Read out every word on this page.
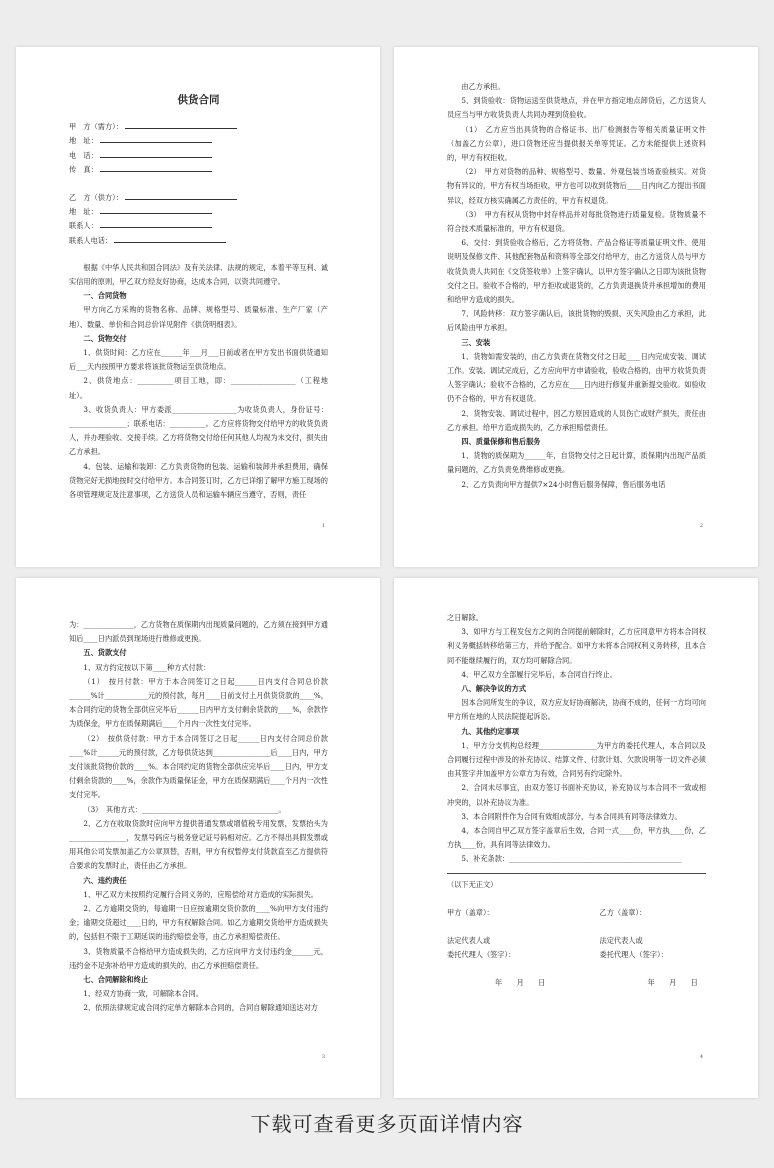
供货合同
甲　方（需方）：
地　址：
电　话：
传　真：
乙　方（供方）：
地　址：
联系人：
联系人电话：

根据《中华人民共和国合同法》及有关法律、法规的规定，本着平等互利、诚实信用的原则，甲乙双方经友好协商，达成本合同，以资共同遵守。

一、合同货物

甲方向乙方采购的货物名称、品牌、规格型号、质量标准、生产厂家（产地）、数量、单价和合同总价详见附件《供货明细表》。

二、货物交付

1、供货时间：乙方应在______年___月___日前或者在甲方发出书面供货通知后___天内按照甲方要求将该批货物运至供货地点。

2、供货地点：__________项目工地，即：__________________（工程地址）。

3、收货负责人：甲方委派__________________为收货负责人，身份证号：________________；联系电话：__________。乙方应将货物交付给甲方的收货负责人，并办理验收、交接手续。乙方将货物交付给任何其他人均视为未交付，损失由乙方承担。

4、包装、运输和装卸：乙方负责货物的包装、运输和装卸并承担费用，确保货物完好无损地按时交付给甲方。本合同签订时，乙方已详细了解甲方施工现场的各项管理规定及注意事项，乙方送货人员和运输车辆应当遵守，否则，责任

1

由乙方承担。

5、到货验收：货物运送至供货地点，并在甲方指定地点卸货后，乙方送货人员应当与甲方收货负责人共同办理到货验收。

（1）　乙方应当出具货物的合格证书、出厂检测报告等相关质量证明文件（加盖乙方公章），进口货物还应当提供报关单等凭证。乙方未能提供上述资料的，甲方有权拒收。

（2）　甲方对货物的品种、规格型号、数量、外观包装当场查验核实。对货物有异议的，甲方有权当场拒收，甲方也可以收到货物后____日内向乙方提出书面异议，经双方核实确属乙方责任的，甲方有权退货。

（3）　甲方有权从货物中封存样品并对每批货物进行质量复检。货物质量不符合技术质量标准的，甲方有权退货。

6、交付：到货验收合格后，乙方将货物、产品合格证等质量证明文件、使用说明及保修文件、其他配套物品和资料等全部交付给甲方，由乙方送货人员与甲方收货负责人共同在《交货签收单》上签字确认，以甲方签字确认之日即为该批货物交付之日。验收不合格的，甲方拒收或退货的，乙方负责退换货并承担增加的费用和给甲方造成的损失。

7、风险转移：双方签字确认后，该批货物的毁损、灭失风险由乙方承担，此后风险由甲方承担。

三、安装

1、货物如需安装的，由乙方负责在货物交付之日起____日内完成安装、调试工作。安装、调试完成后，乙方应向甲方申请验收，验收合格的，由甲方收货负责人签字确认；验收不合格的，乙方应在____日内进行修复并重新提交验收。如验收仍不合格的，甲方有权退货。

2、货物安装、调试过程中，因乙方原因造成的人员伤亡或财产损失，责任由乙方承担。给甲方造成损失的，乙方承担赔偿责任。

四、质量保修和售后服务

1、货物的质保期为______年，自货物交付之日起计算，质保期内出现产品质量问题的，乙方负责免费维修或更换。

2、乙方负责向甲方提供7×24小时售后服务保障，售后服务电话

2

为：______________，乙方货物在质保期内出现质量问题的，乙方须在接到甲方通知后____日内派员到现场进行维修或更换。

五、货款支付

1、双方约定按以下第____种方式付款：

（1）　按月付款：甲方于本合同签订之日起______日内支付合同总价款______%计____________元的预付款，每月____日前支付上月供货货款的____%，本合同约定的货物全部供应完毕后______日内甲方支付剩余货款的____%，余款作为质保金，甲方在质保期满后____个月内一次性支付完毕。

（2）　按供货付款：甲方于本合同签订之日起______日内支付合同总价款____%计______元的预付款，乙方每供货达到________________后____日内，甲方支付该批货物价款的____%。本合同约定的货物全部供应完毕后____日内，甲方支付剩余货款的____%，余款作为质量保证金，甲方在质保期满后____个月内一次性支付完毕。

（3）　其他方式：______________________________________。

2、乙方在收取货款时应向甲方提供普通发票或增值税专用发票，发票抬头为________________，发票号码应与税务登记证号码相对应。乙方不得出具假发票或用其他公司发票加盖乙方公章顶替，否则，甲方有权暂停支付货款直至乙方提供符合要求的发票时止，责任由乙方承担。

六、违约责任

1、甲乙双方未按照约定履行合同义务的，应赔偿给对方造成的实际损失。

2、乙方逾期交货的，每逾期一日应按逾期交货价款的____%向甲方支付违约金；逾期交货超过____日的，甲方有权解除合同。如乙方逾期交货给甲方造成损失的，包括但不限于工期延误的违约赔偿金等，由乙方承担赔偿责任。

3、货物质量不合格给甲方造成损失的，乙方应向甲方支付违约金______元，违约金不足弥补给甲方造成的损失的，由乙方承担赔偿责任。

七、合同解除和终止

1、经双方协商一致，可解除本合同。

2、依照法律规定或合同约定单方解除本合同的，合同自解除通知送达对方

3

之日解除。

3、如甲方与工程发包方之间的合同提前解除时，乙方应同意甲方将本合同权利义务概括转移给第三方，并给予配合。如甲方未将本合同权利义务转移，且本合同不能继续履行的，双方均可解除合同。

4、甲乙双方全部履行完毕后，本合同自行终止。

八、解决争议的方式

因本合同所发生的争议，双方应友好协商解决，协商不成的，任何一方均可向甲方所在地的人民法院提起诉讼。

九、其他约定事项

1、甲方分支机构总经理________________为甲方的委托代理人，本合同以及合同履行过程中涉及的补充协议、结算文件、付款计划、欠款说明等一切文件必须由其签字并加盖甲方公章方为有效，合同另有约定除外。

2、合同未尽事宜，由双方签订书面补充协议，补充协议与本合同不一致或相冲突的，以补充协议为准。

3、本合同附件作为合同有效组成部分，与本合同具有同等法律效力。

4、本合同自甲乙双方签字盖章后生效，合同一式____份，甲方执____份，乙方执____份，具有同等法律效力。

5、补充条款：________________________________________________

（以下无正文）
甲方（盖章）：
法定代表人或
委托代理人（签字）：
年　　月　　日
乙方（盖章）：
法定代表人或
委托代理人（签字）：
年　　月　　日
4
下载可查看更多页面详情内容
